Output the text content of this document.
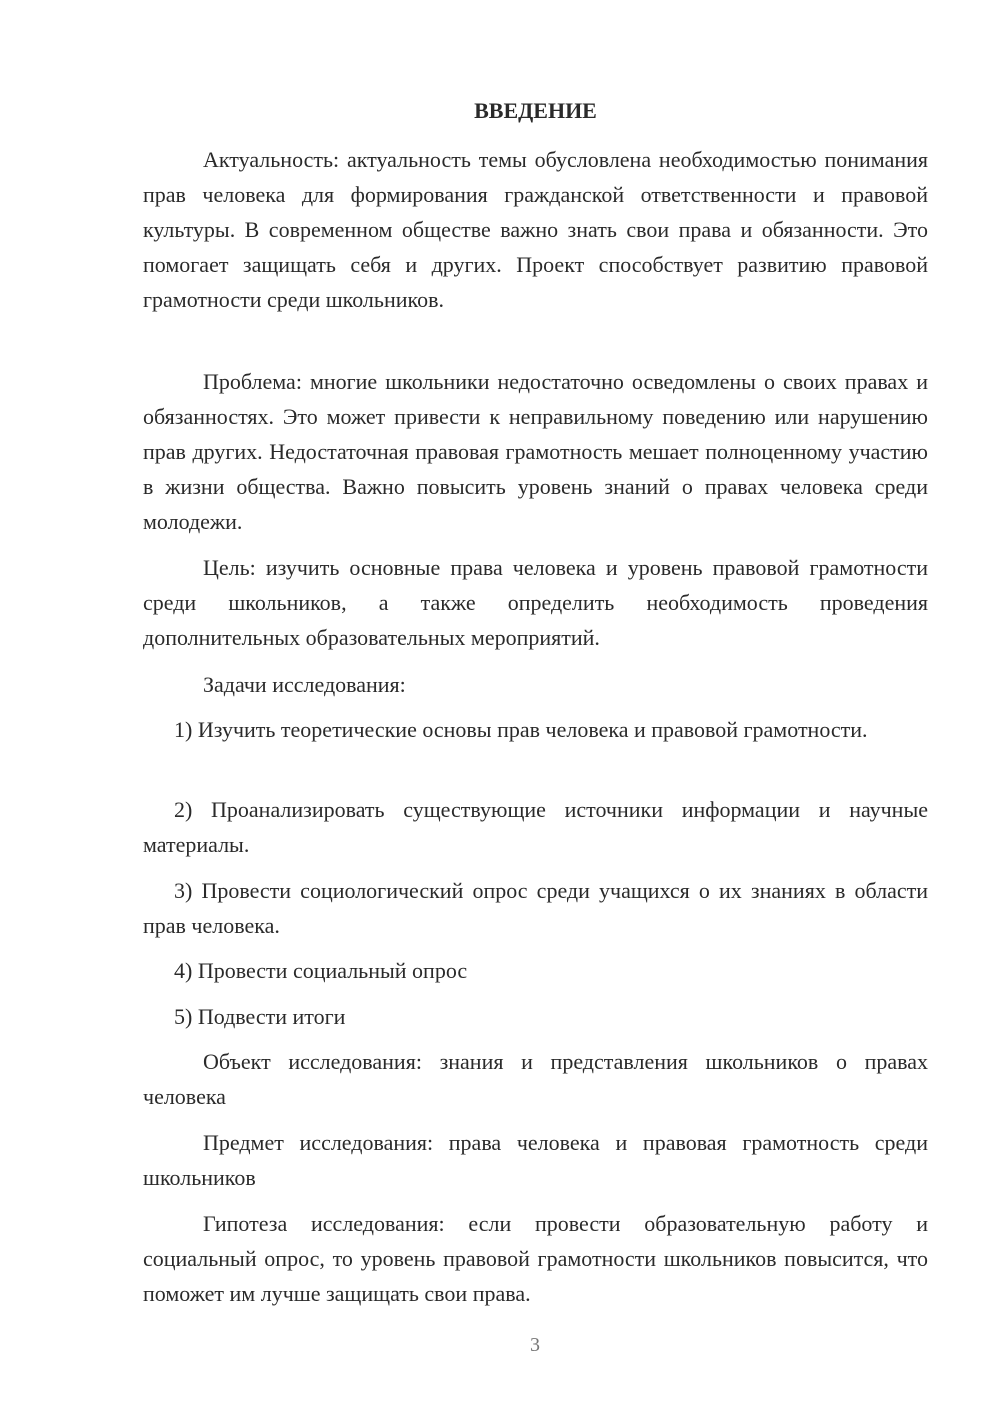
ВВЕДЕНИЕ

Актуальность: актуальность темы обусловлена необходимостью понимания прав человека для формирования гражданской ответственности и правовой культуры. В современном обществе важно знать свои права и обязанности. Это помогает защищать себя и других. Проект способствует развитию правовой грамотности среди школьников.

Проблема: многие школьники недостаточно осведомлены о своих правах и обязанностях. Это может привести к неправильному поведению или нарушению прав других. Недостаточная правовая грамотность мешает полноценному участию в жизни общества. Важно повысить уровень знаний о правах человека среди молодежи.

Цель: изучить основные права человека и уровень правовой грамотности среди школьников, а также определить необходимость проведения дополнительных образовательных мероприятий.

Задачи исследования:

1) Изучить теоретические основы прав человека и правовой грамотности.

2) Проанализировать существующие источники информации и научные материалы.

3) Провести социологический опрос среди учащихся о их знаниях в области прав человека.

4) Провести социальный опрос

5) Подвести итоги

Объект исследования: знания и представления школьников о правах человека

Предмет исследования: права человека и правовая грамотность среди школьников

Гипотеза исследования: если провести образовательную работу и социальный опрос, то уровень правовой грамотности школьников повысится, что поможет им лучше защищать свои права.

3
